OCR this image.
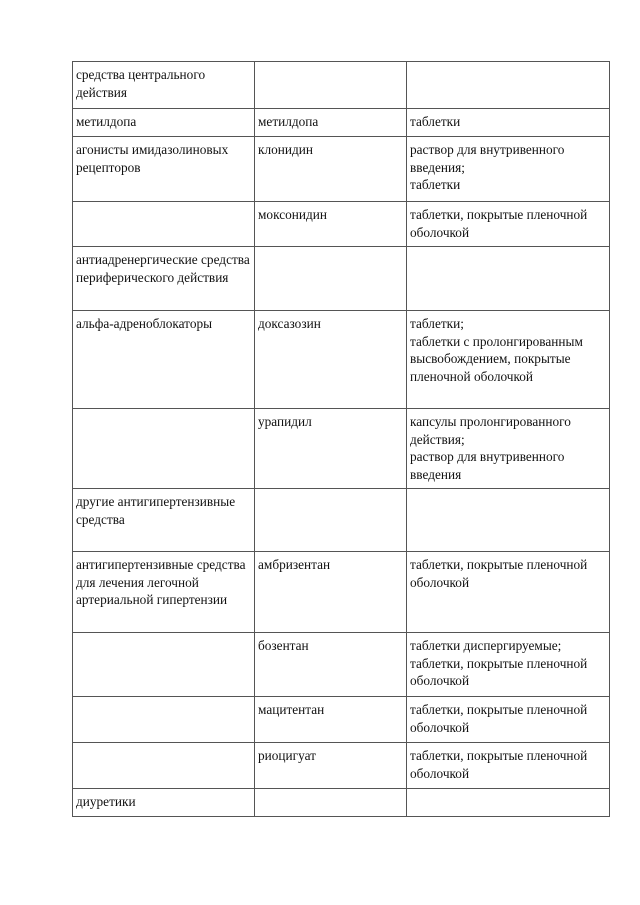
средства центрального действия		

метилдопа	метилдопа	таблетки

агонисты имидазолиновых рецепторов	клонидин	раствор для внутривенного введения;
таблетки

	моксонидин	таблетки, покрытые пленочной оболочкой

антиадренергические средства периферического действия		

альфа-адреноблокаторы	доксазозин	таблетки;
таблетки с пролонгированным высвобождением, покрытые пленочной оболочкой

	урапидил	капсулы пролонгированного действия;
раствор для внутривенного введения

другие антигипертензивные средства		

антигипертензивные средства для лечения легочной артериальной гипертензии	амбризентан	таблетки, покрытые пленочной оболочкой

	бозентан	таблетки диспергируемые;
таблетки, покрытые пленочной оболочкой

	мацитентан	таблетки, покрытые пленочной оболочкой

	риоцигуат	таблетки, покрытые пленочной оболочкой

диуретики		
